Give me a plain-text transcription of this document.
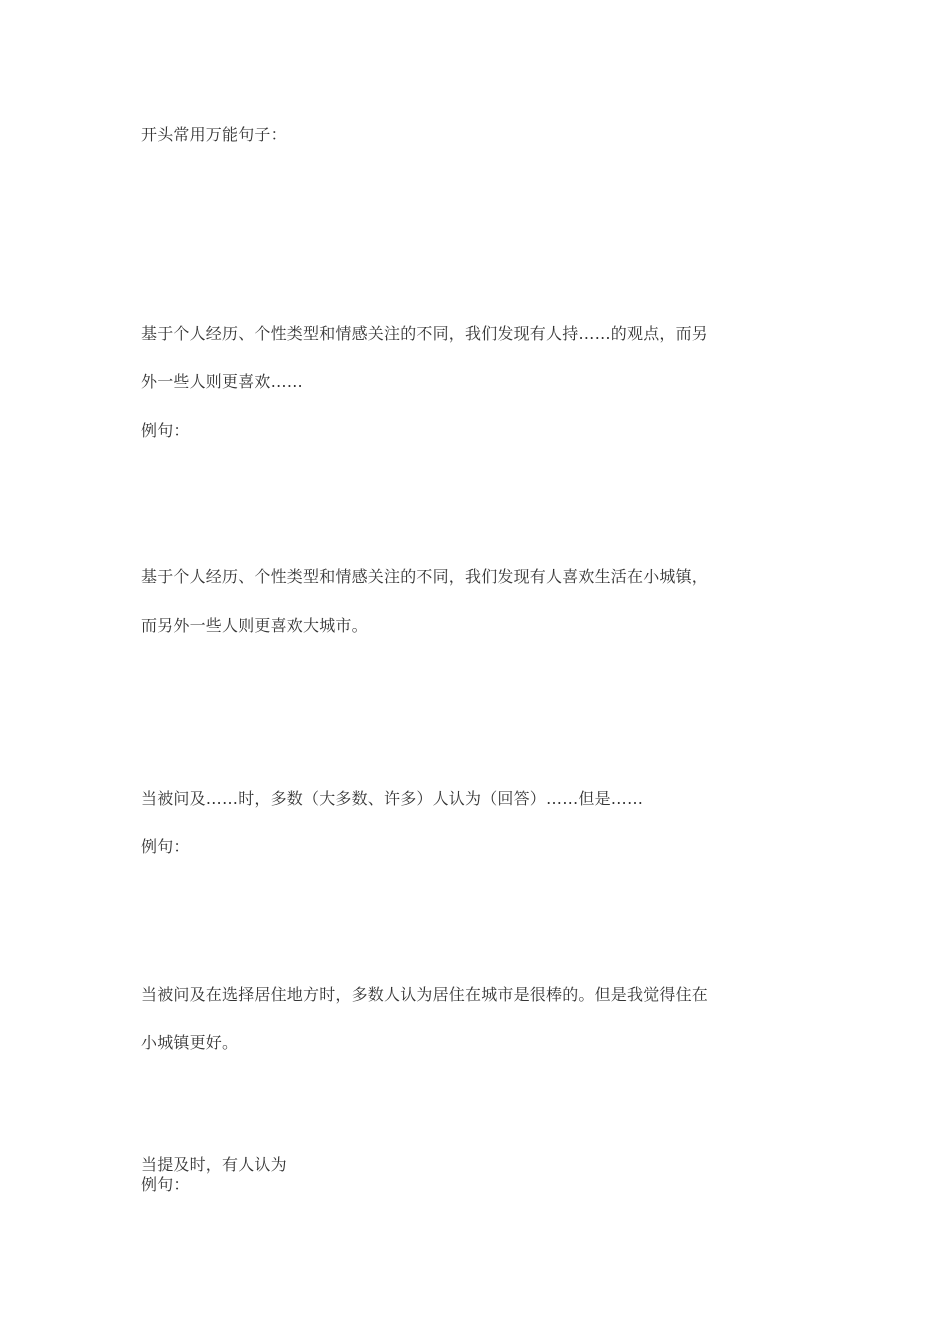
开头常用万能句子：
基于个人经历、个性类型和情感关注的不同，我们发现有人持……的观点，而另
外一些人则更喜欢……
例句：
基于个人经历、个性类型和情感关注的不同，我们发现有人喜欢生活在小城镇，
而另外一些人则更喜欢大城市。
当被问及……时，多数（大多数、许多）人认为（回答）……但是……
例句：
当被问及在选择居住地方时，多数人认为居住在城市是很棒的。但是我觉得住在
小城镇更好。
当提及时，有人认为
例句：
